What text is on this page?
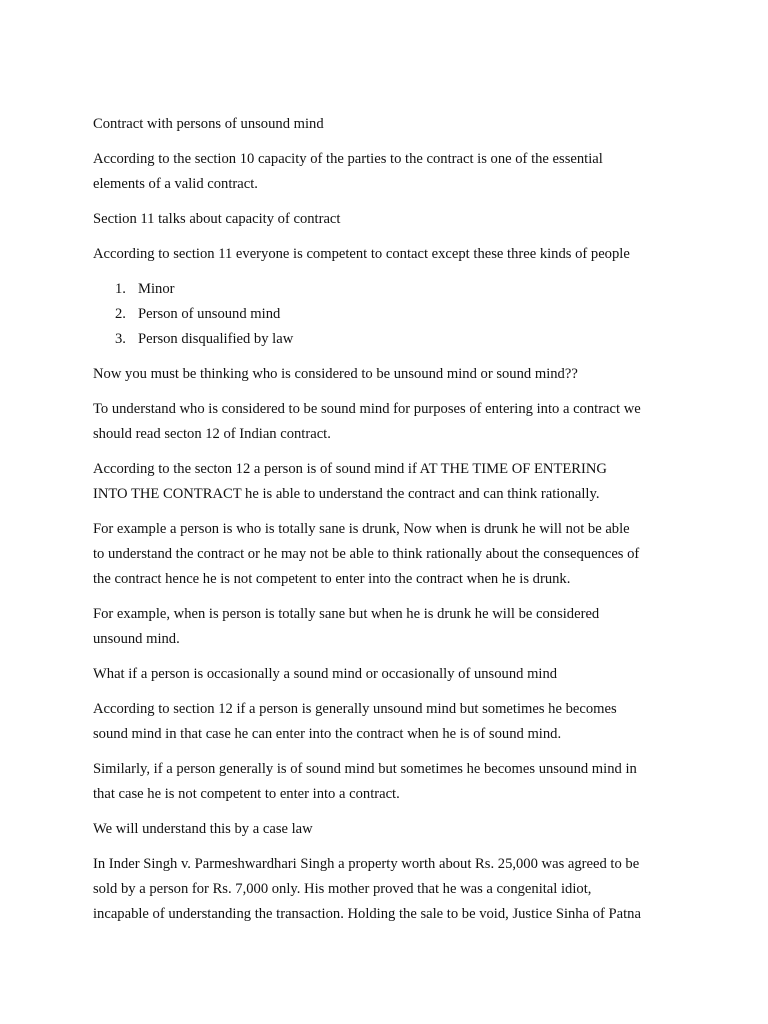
Contract with persons of unsound mind

According to the section 10 capacity of the parties to the contract is one of the essential
elements of a valid contract.

Section 11 talks about capacity of contract

According to section 11 everyone is competent to contact except these three kinds of people

1. Minor
2. Person of unsound mind
3. Person disqualified by law

Now you must be thinking who is considered to be unsound mind or sound mind??

To understand who is considered to be sound mind for purposes of entering into a contract we
should read secton 12 of Indian contract.

According to the secton 12 a person is of sound mind if AT THE TIME OF ENTERING
INTO THE CONTRACT he is able to understand the contract and can think rationally.

For example a person is who is totally sane is drunk, Now when is drunk he will not be able
to understand the contract or he may not be able to think rationally about the consequences of
the contract hence he is not competent to enter into the contract when he is drunk.

For example, when is person is totally sane but when he is drunk he will be considered
unsound mind.

What if a person is occasionally a sound mind or occasionally of unsound mind

According to section 12 if a person is generally unsound mind but sometimes he becomes
sound mind in that case he can enter into the contract when he is of sound mind.

Similarly, if a person generally is of sound mind but sometimes he becomes unsound mind in
that case he is not competent to enter into a contract.

We will understand this by a case law

In Inder Singh v. Parmeshwardhari Singh a property worth about Rs. 25,000 was agreed to be
sold by a person for Rs. 7,000 only. His mother proved that he was a congenital idiot,
incapable of understanding the transaction. Holding the sale to be void, Justice Sinha of Patna
